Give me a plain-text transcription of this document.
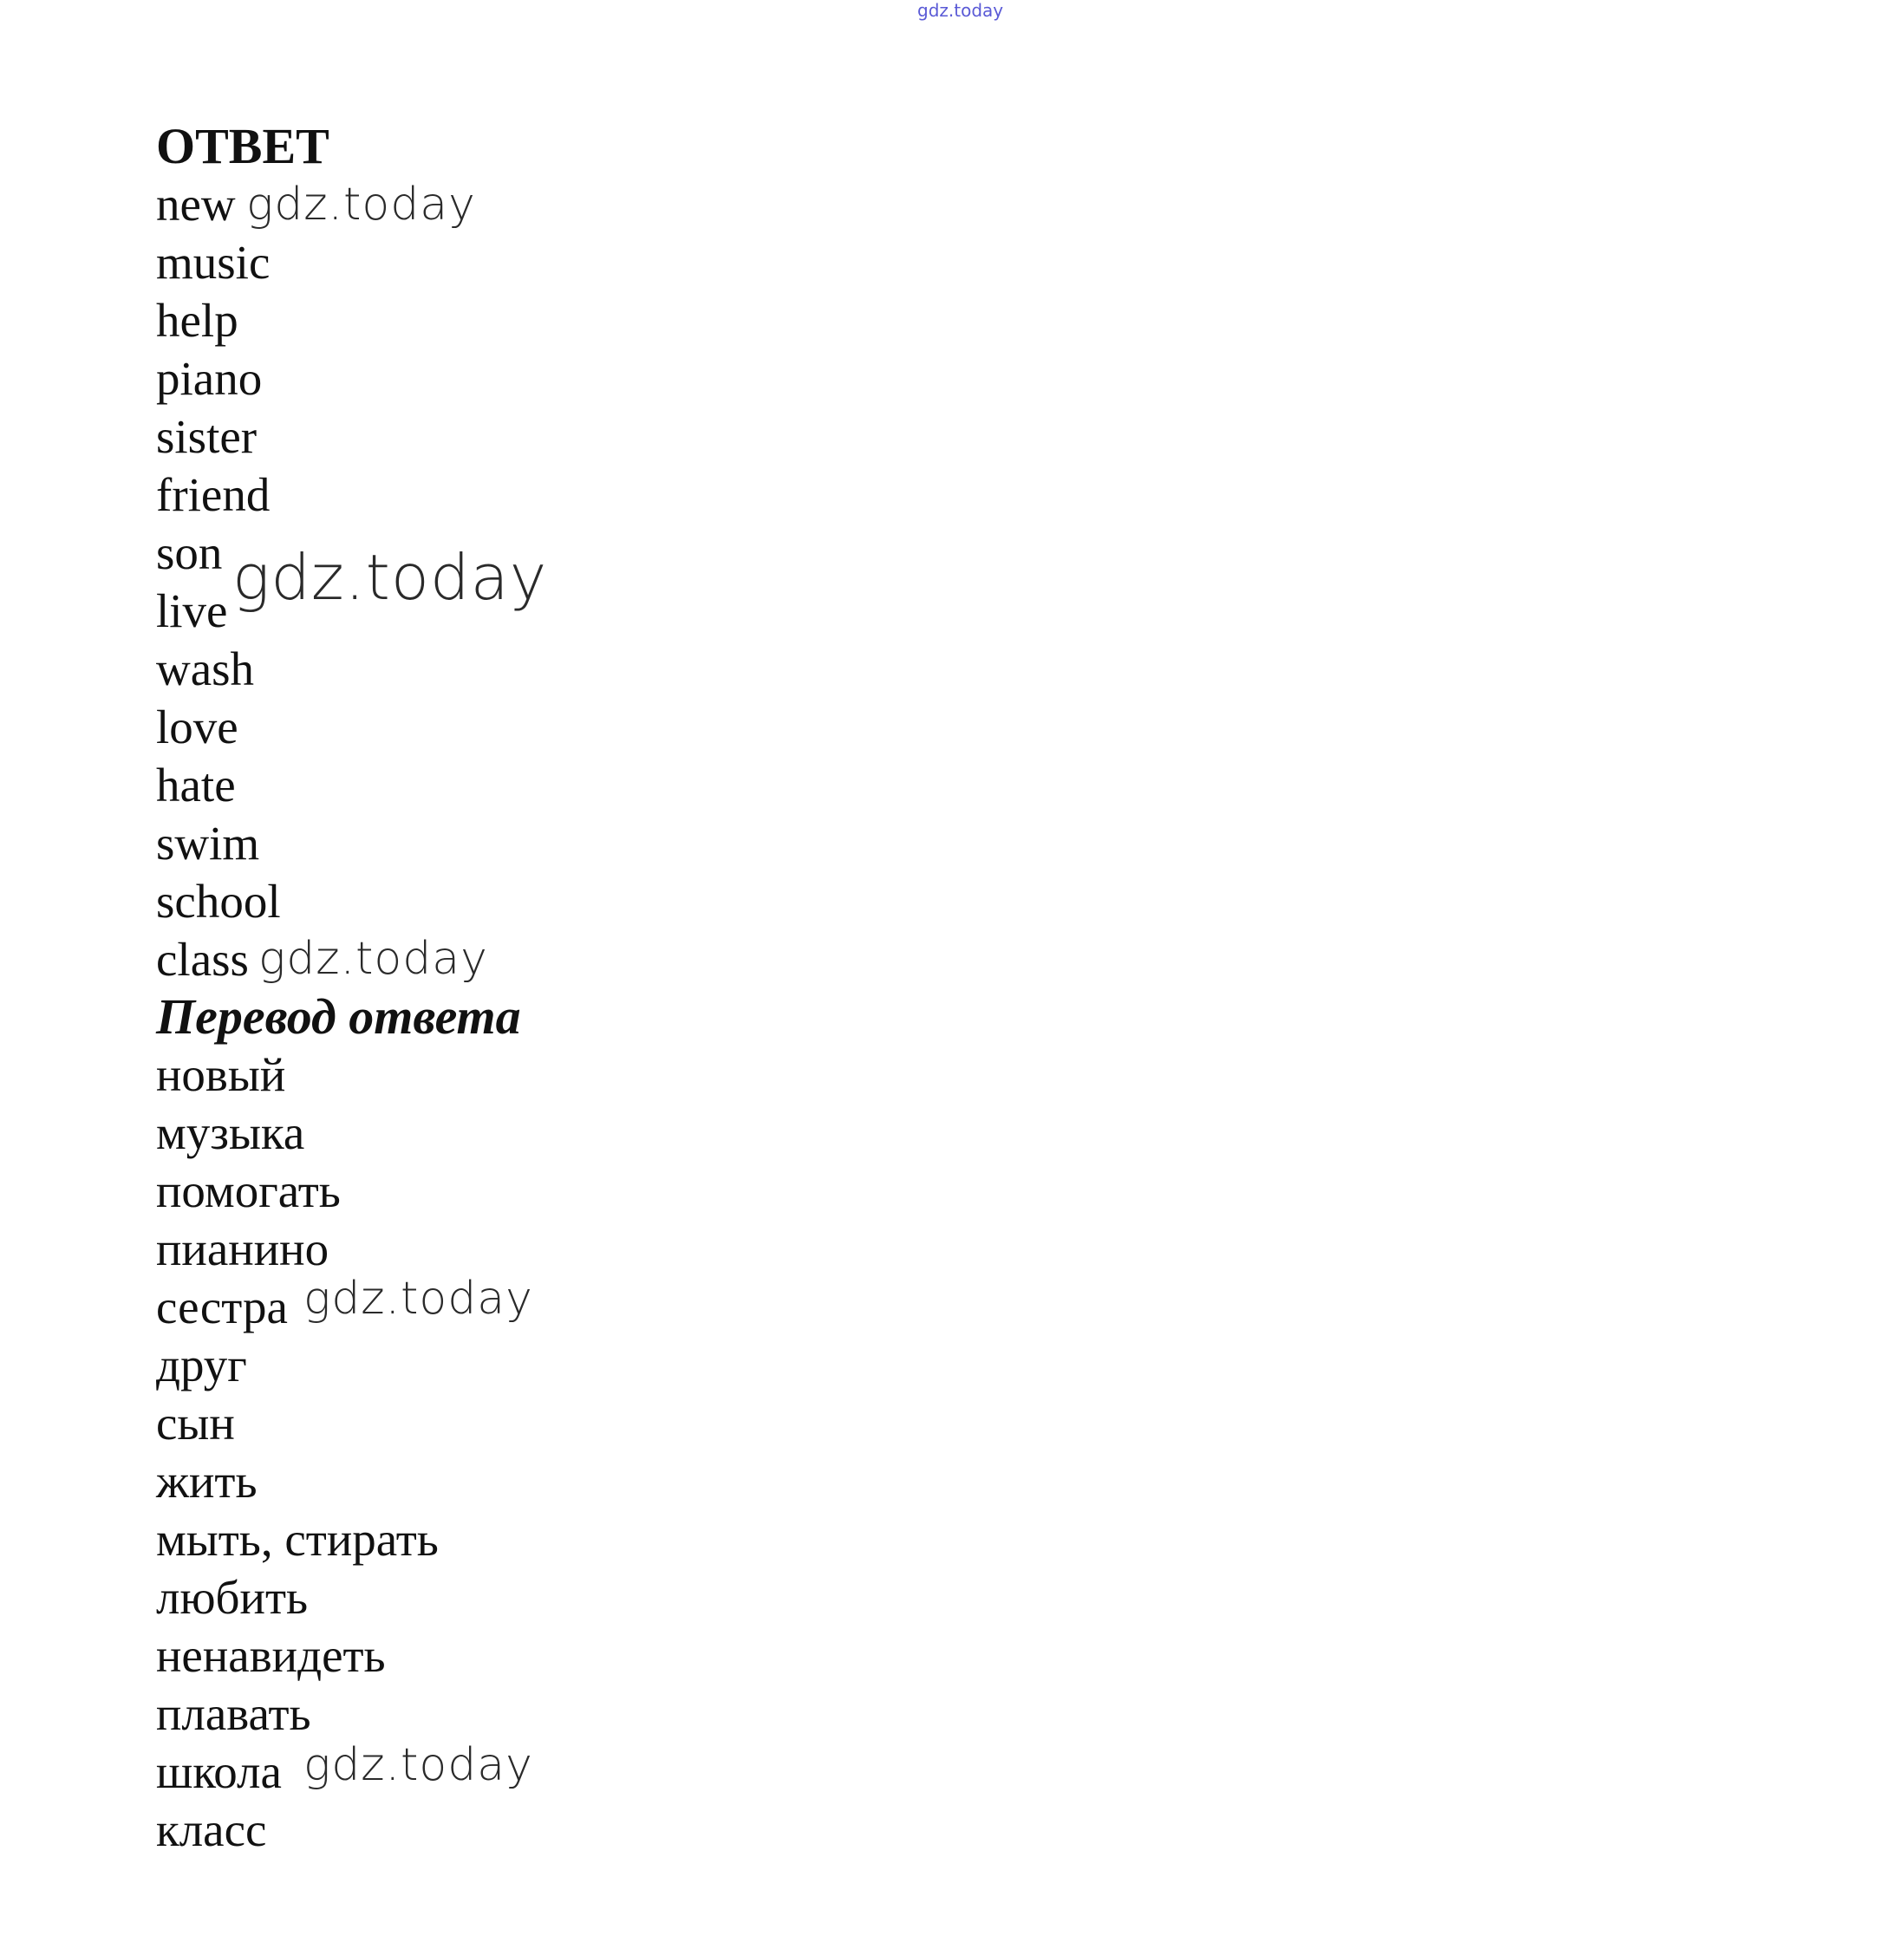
gdz.today
ОТВЕТ
new
music
help
piano
sister
friend
son
live
wash
love
hate
swim
school
class
Перевод ответа
новый
музыка
помогать
пианино
сестра
друг
сын
жить
мыть, стирать
любить
ненавидеть
плавать
школа
класс
gdz.today
gdz.today
gdz.today
gdz.today
gdz.today
